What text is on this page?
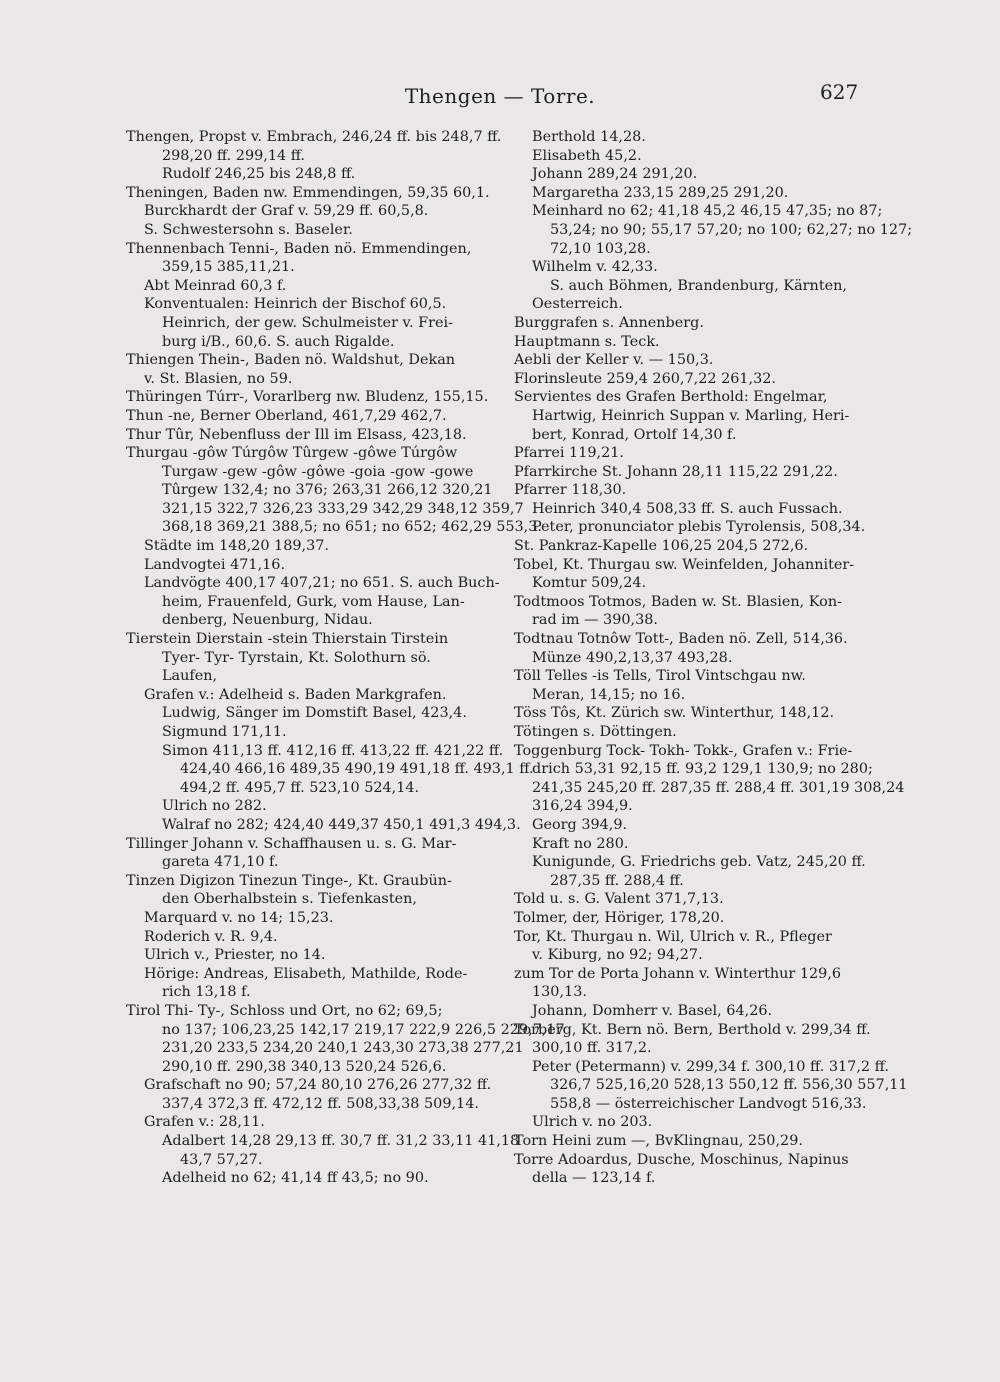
Thengen — Torre.	627
Thengen, Propst v. Embrach, 246,24 ff. bis 248,7 ff.
298,20 ff. 299,14 ff.
Rudolf 246,25 bis 248,8 ff.
Theningen, Baden nw. Emmendingen, 59,35 60,1.
Burckhardt der Graf v. 59,29 ff. 60,5,8.
S. Schwestersohn s. Baseler.
Thennenbach Tenni-, Baden nö. Emmendingen,
359,15 385,11,21.
Abt Meinrad 60,3 f.
Konventualen: Heinrich der Bischof 60,5.
Heinrich, der gew. Schulmeister v. Frei-
burg i/B., 60,6. S. auch Rigalde.
Thiengen Thein-, Baden nö. Waldshut, Dekan
v. St. Blasien, no 59.
Thüringen Túrr-, Vorarlberg nw. Bludenz, 155,15.
Thun -ne, Berner Oberland, 461,7,29 462,7.
Thur Tûr, Nebenfluss der Ill im Elsass, 423,18.
Thurgau -gôw Túrgôw Tûrgew -gôwe Túrgôw
Turgaw -gew -gôw -gôwe -goia -gow -gowe
Tûrgew 132,4; no 376; 263,31 266,12 320,21
321,15 322,7 326,23 333,29 342,29 348,12 359,7
368,18 369,21 388,5; no 651; no 652; 462,29 553,3.
Städte im 148,20 189,37.
Landvogtei 471,16.
Landvögte 400,17 407,21; no 651. S. auch Buch-
heim, Frauenfeld, Gurk, vom Hause, Lan-
denberg, Neuenburg, Nidau.
Tierstein Dierstain -stein Thierstain Tirstein
Tyer- Tyr- Tyrstain, Kt. Solothurn sö.
Laufen,
Grafen v.: Adelheid s. Baden Markgrafen.
Ludwig, Sänger im Domstift Basel, 423,4.
Sigmund 171,11.
Simon 411,13 ff. 412,16 ff. 413,22 ff. 421,22 ff.
424,40 466,16 489,35 490,19 491,18 ff. 493,1 ff.
494,2 ff. 495,7 ff. 523,10 524,14.
Ulrich no 282.
Walraf no 282; 424,40 449,37 450,1 491,3 494,3.
Tillinger Johann v. Schaffhausen u. s. G. Mar-
gareta 471,10 f.
Tinzen Digizon Tinezun Tinge-, Kt. Graubün-
den Oberhalbstein s. Tiefenkasten,
Marquard v. no 14; 15,23.
Roderich v. R. 9,4.
Ulrich v., Priester, no 14.
Hörige: Andreas, Elisabeth, Mathilde, Rode-
rich 13,18 f.
Tirol Thi- Ty-, Schloss und Ort, no 62; 69,5;
no 137; 106,23,25 142,17 219,17 222,9 226,5 229,7,17
231,20 233,5 234,20 240,1 243,30 273,38 277,21
290,10 ff. 290,38 340,13 520,24 526,6.
Grafschaft no 90; 57,24 80,10 276,26 277,32 ff.
337,4 372,3 ff. 472,12 ff. 508,33,38 509,14.
Grafen v.: 28,11.
Adalbert 14,28 29,13 ff. 30,7 ff. 31,2 33,11 41,18
43,7 57,27.
Adelheid no 62; 41,14 ff 43,5; no 90.
Berthold 14,28.
Elisabeth 45,2.
Johann 289,24 291,20.
Margaretha 233,15 289,25 291,20.
Meinhard no 62; 41,18 45,2 46,15 47,35; no 87;
53,24; no 90; 55,17 57,20; no 100; 62,27; no 127;
72,10 103,28.
Wilhelm v. 42,33.
S. auch Böhmen, Brandenburg, Kärnten,
Oesterreich.
Burggrafen s. Annenberg.
Hauptmann s. Teck.
Aebli der Keller v. — 150,3.
Florinsleute 259,4 260,7,22 261,32.
Servientes des Grafen Berthold: Engelmar,
Hartwig, Heinrich Suppan v. Marling, Heri-
bert, Konrad, Ortolf 14,30 f.
Pfarrei 119,21.
Pfarrkirche St. Johann 28,11 115,22 291,22.
Pfarrer 118,30.
Heinrich 340,4 508,33 ff. S. auch Fussach.
Peter, pronunciator plebis Tyrolensis, 508,34.
St. Pankraz-Kapelle 106,25 204,5 272,6.
Tobel, Kt. Thurgau sw. Weinfelden, Johanniter-
Komtur 509,24.
Todtmoos Totmos, Baden w. St. Blasien, Kon-
rad im — 390,38.
Todtnau Totnôw Tott-, Baden nö. Zell, 514,36.
Münze 490,2,13,37 493,28.
Töll Telles -is Tells, Tirol Vintschgau nw.
Meran, 14,15; no 16.
Töss Tôs, Kt. Zürich sw. Winterthur, 148,12.
Tötingen s. Döttingen.
Toggenburg Tock- Tokh- Tokk-, Grafen v.: Frie-
drich 53,31 92,15 ff. 93,2 129,1 130,9; no 280;
241,35 245,20 ff. 287,35 ff. 288,4 ff. 301,19 308,24
316,24 394,9.
Georg 394,9.
Kraft no 280.
Kunigunde, G. Friedrichs geb. Vatz, 245,20 ff.
287,35 ff. 288,4 ff.
Told u. s. G. Valent 371,7,13.
Tolmer, der, Höriger, 178,20.
Tor, Kt. Thurgau n. Wil, Ulrich v. R., Pfleger
v. Kiburg, no 92; 94,27.
zum Tor de Porta Johann v. Winterthur 129,6
130,13.
Johann, Domherr v. Basel, 64,26.
Torberg, Kt. Bern nö. Bern, Berthold v. 299,34 ff.
300,10 ff. 317,2.
Peter (Petermann) v. 299,34 f. 300,10 ff. 317,2 ff.
326,7 525,16,20 528,13 550,12 ff. 556,30 557,11
558,8 — österreichischer Landvogt 516,33.
Ulrich v. no 203.
Torn Heini zum —, BvKlingnau, 250,29.
Torre Adoardus, Dusche, Moschinus, Napinus
della — 123,14 f.
